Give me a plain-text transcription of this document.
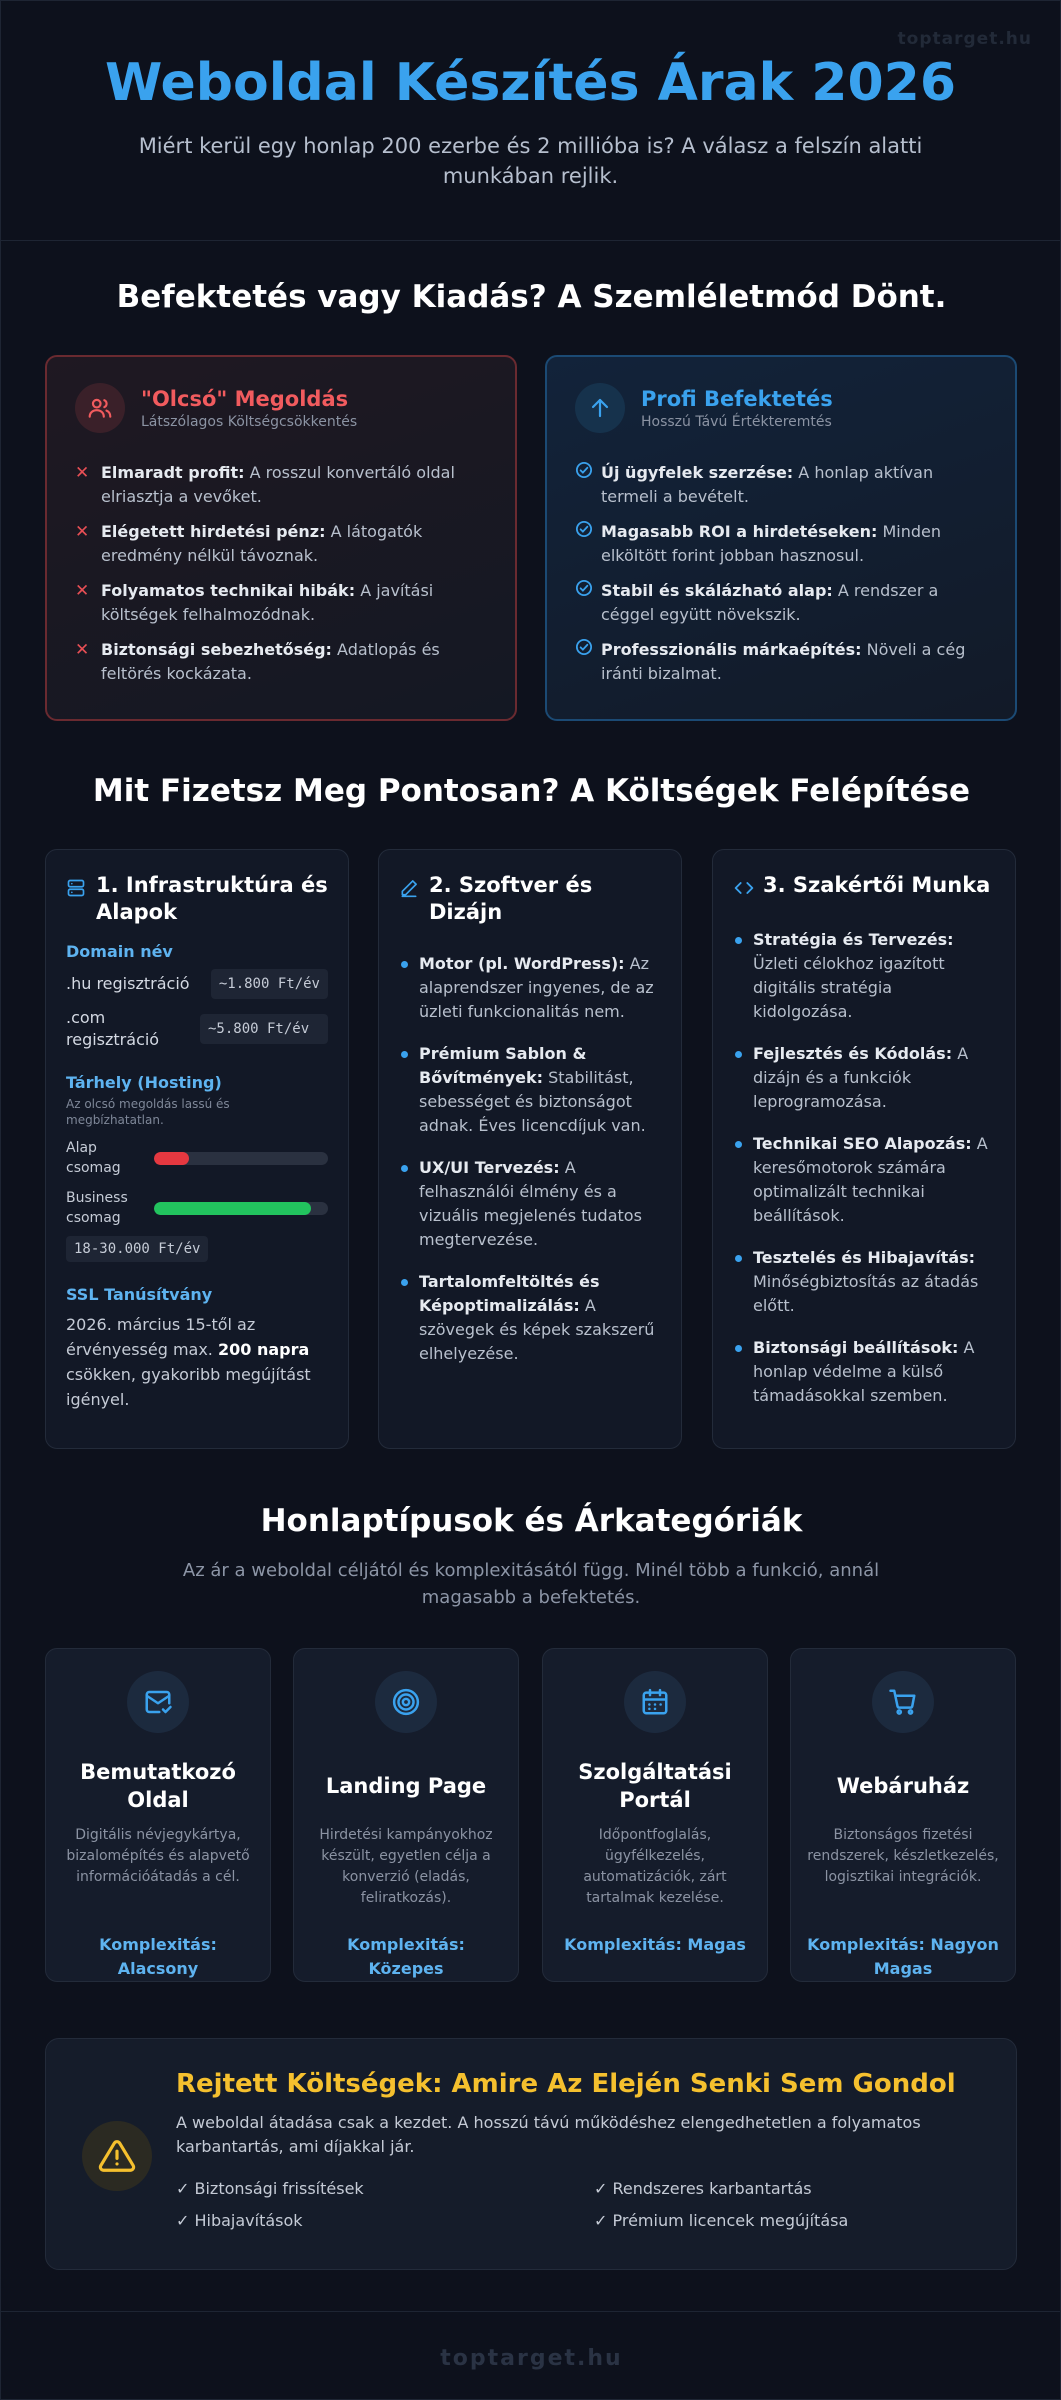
toptarget.hu
Weboldal Készítés Árak 2026

Miért kerül egy honlap 200 ezerbe és 2 millióba is? A válasz a felszín alatti munkában rejlik.

Befektetés vagy Kiadás? A Szemléletmód Dönt.
"Olcsó" Megoldás
Látszólagos Költségcsökkentés
✕ Elmaradt profit: A rosszul konvertáló oldal elriasztja a vevőket.
✕ Elégetett hirdetési pénz: A látogatók eredmény nélkül távoznak.
✕ Folyamatos technikai hibák: A javítási költségek felhalmozódnak.
✕ Biztonsági sebezhetőség: Adatlopás és feltörés kockázata.
Profi Befektetés
Hosszú Távú Értékteremtés
Új ügyfelek szerzése: A honlap aktívan termeli a bevételt.
Magasabb ROI a hirdetéseken: Minden elköltött forint jobban hasznosul.
Stabil és skálázható alap: A rendszer a céggel együtt növekszik.
Professzionális márkaépítés: Növeli a cég iránti bizalmat.
Mit Fizetsz Meg Pontosan? A Költségek Felépítése
1. Infrastruktúra és Alapok
Domain név
.hu regisztráció	~1.800 Ft/év
.com regisztráció
~5.800 Ft/év
Tárhely (Hosting)
Az olcsó megoldás lassú és megbízhatatlan.
Alap csomag
Business csomag
18-30.000 Ft/év
SSL Tanúsítvány
2026. március 15-től az érvényesség max. 200 napra csökken, gyakoribb megújítást igényel.
2. Szoftver és Dizájn
Motor (pl. WordPress): Az alaprendszer ingyenes, de az üzleti funkcionalitás nem.
Prémium Sablon & Bővítmények: Stabilitást, sebességet és biztonságot adnak. Éves licencdíjuk van.
UX/UI Tervezés: A felhasználói élmény és a vizuális megjelenés tudatos megtervezése.
Tartalomfeltöltés és Képoptimalizálás: A szövegek és képek szakszerű elhelyezése.
3. Szakértői Munka
Stratégia és Tervezés: Üzleti célokhoz igazított digitális stratégia kidolgozása.
Fejlesztés és Kódolás: A dizájn és a funkciók leprogramozása.
Technikai SEO Alapozás: A keresőmotorok számára optimalizált technikai beállítások.
Tesztelés és Hibajavítás: Minőségbiztosítás az átadás előtt.
Biztonsági beállítások: A honlap védelme a külső támadásokkal szemben.
Honlaptípusok és Árkategóriák

Az ár a weboldal céljától és komplexitásától függ. Minél több a funkció, annál magasabb a befektetés.

Bemutatkozó Oldal
Digitális névjegykártya, bizalomépítés és alapvető információátadás a cél.
Komplexitás: Alacsony
Landing Page
Hirdetési kampányokhoz készült, egyetlen célja a konverzió (eladás, feliratkozás).
Komplexitás: Közepes
Szolgáltatási Portál
Időpontfoglalás, ügyfélkezelés, automatizációk, zárt tartalmak kezelése.
Komplexitás: Magas
Webáruház
Biztonságos fizetési rendszerek, készletkezelés, logisztikai integrációk.
Komplexitás: Nagyon Magas
Rejtett Költségek: Amire Az Elején Senki Sem Gondol
A weboldal átadása csak a kezdet. A hosszú távú működéshez elengedhetetlen a folyamatos karbantartás, ami díjakkal jár.
✓ Biztonsági frissítések	✓ Rendszeres karbantartás
✓ Hibajavítások	✓ Prémium licencek megújítása
toptarget.hu
